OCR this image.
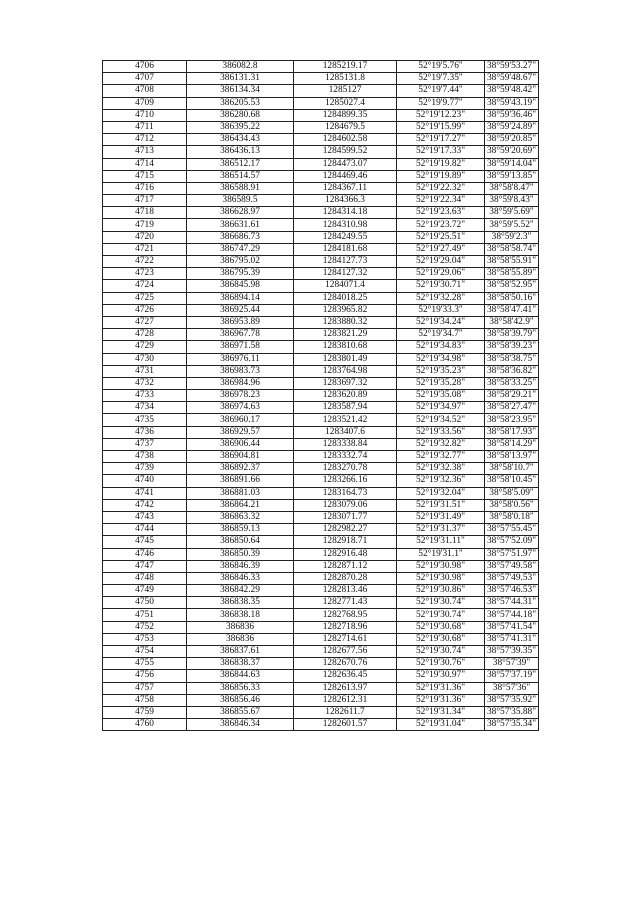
4706	386082.8	1285219.17	52°19'5.76"	38°59'53.27"
4707	386131.31	1285131.8	52°19'7.35"	38°59'48.67"
4708	386134.34	1285127	52°19'7.44"	38°59'48.42"
4709	386205.53	1285027.4	52°19'9.77"	38°59'43.19"
4710	386280.68	1284899.35	52°19'12.23"	38°59'36.46"
4711	386395.22	1284679.5	52°19'15.99"	38°59'24.89"
4712	386434.43	1284602.58	52°19'17.27"	38°59'20.85"
4713	386436.13	1284599.52	52°19'17.33"	38°59'20.69"
4714	386512.17	1284473.07	52°19'19.82"	38°59'14.04"
4715	386514.57	1284469.46	52°19'19.89"	38°59'13.85"
4716	386588.91	1284367.11	52°19'22.32"	38°58'8.47"
4717	386589.5	1284366.3	52°19'22.34"	38°59'8.43"
4718	386628.97	1284314.18	52°19'23.63"	38°59'5.69"
4719	386631.61	1284310.98	52°19'23.72"	38°59'5.52"
4720	386686.73	1284249.55	52°19'25.51"	38°59'2.3"
4721	386747.29	1284181.68	52°19'27.49"	38°58'58.74"
4722	386795.02	1284127.73	52°19'29.04"	38°58'55.91"
4723	386795.39	1284127.32	52°19'29.06"	38°58'55.89"
4724	386845.98	1284071.4	52°19'30.71"	38°58'52.95"
4725	386894.14	1284018.25	52°19'32.28"	38°58'50.16"
4726	386925.44	1283965.82	52°19'33.3"	38°58'47.41"
4727	386953.89	1283880.32	52°19'34.24"	38°58'42.9"
4728	386967.78	1283821.29	52°19'34.7"	38°58'39.79"
4729	386971.58	1283810.68	52°19'34.83"	38°58'39.23"
4730	386976.11	1283801.49	52°19'34.98"	38°58'38.75"
4731	386983.73	1283764.98	52°19'35.23"	38°58'36.82"
4732	386984.96	1283697.32	52°19'35.28"	38°58'33.25"
4733	386978.23	1283620.89	52°19'35.08"	38°58'29.21"
4734	386974.63	1283587.94	52°19'34.97"	38°58'27.47"
4735	386960.17	1283521.42	52°19'34.52"	38°58'23.95"
4736	386929.57	1283407.6	52°19'33.56"	38°58'17.93"
4737	386906.44	1283338.84	52°19'32.82"	38°58'14.29"
4738	386904.81	1283332.74	52°19'32.77"	38°58'13.97"
4739	386892.37	1283270.78	52°19'32.38"	38°58'10.7"
4740	386891.66	1283266.16	52°19'32.36"	38°58'10.45"
4741	386881.03	1283164.73	52°19'32.04"	38°58'5.09"
4742	386864.21	1283079.06	52°19'31.51"	38°58'0.56"
4743	386863.32	1283071.77	52°19'31.49"	38°58'0.18"
4744	386859.13	1282982.27	52°19'31.37"	38°57'55.45"
4745	386850.64	1282918.71	52°19'31.11"	38°57'52.09"
4746	386850.39	1282916.48	52°19'31.1"	38°57'51.97"
4747	386846.39	1282871.12	52°19'30.98"	38°57'49.58"
4748	386846.33	1282870.28	52°19'30.98"	38°57'49.53"
4749	386842.29	1282813.46	52°19'30.86"	38°57'46.53"
4750	386838.35	1282771.43	52°19'30.74"	38°57'44.31"
4751	386838.18	1282768.95	52°19'30.74"	38°57'44.18"
4752	386836	1282718.96	52°19'30.68"	38°57'41.54"
4753	386836	1282714.61	52°19'30.68"	38°57'41.31"
4754	386837.61	1282677.56	52°19'30.74"	38°57'39.35"
4755	386838.37	1282670.76	52°19'30.76"	38°57'39"
4756	386844.63	1282636.45	52°19'30.97"	38°57'37.19"
4757	386856.33	1282613.97	52°19'31.36"	38°57'36"
4758	386856.46	1282612.31	52°19'31.36"	38°57'35.92"
4759	386855.67	1282611.7	52°19'31.34"	38°57'35.88"
4760	386846.34	1282601.57	52°19'31.04"	38°57'35.34"
